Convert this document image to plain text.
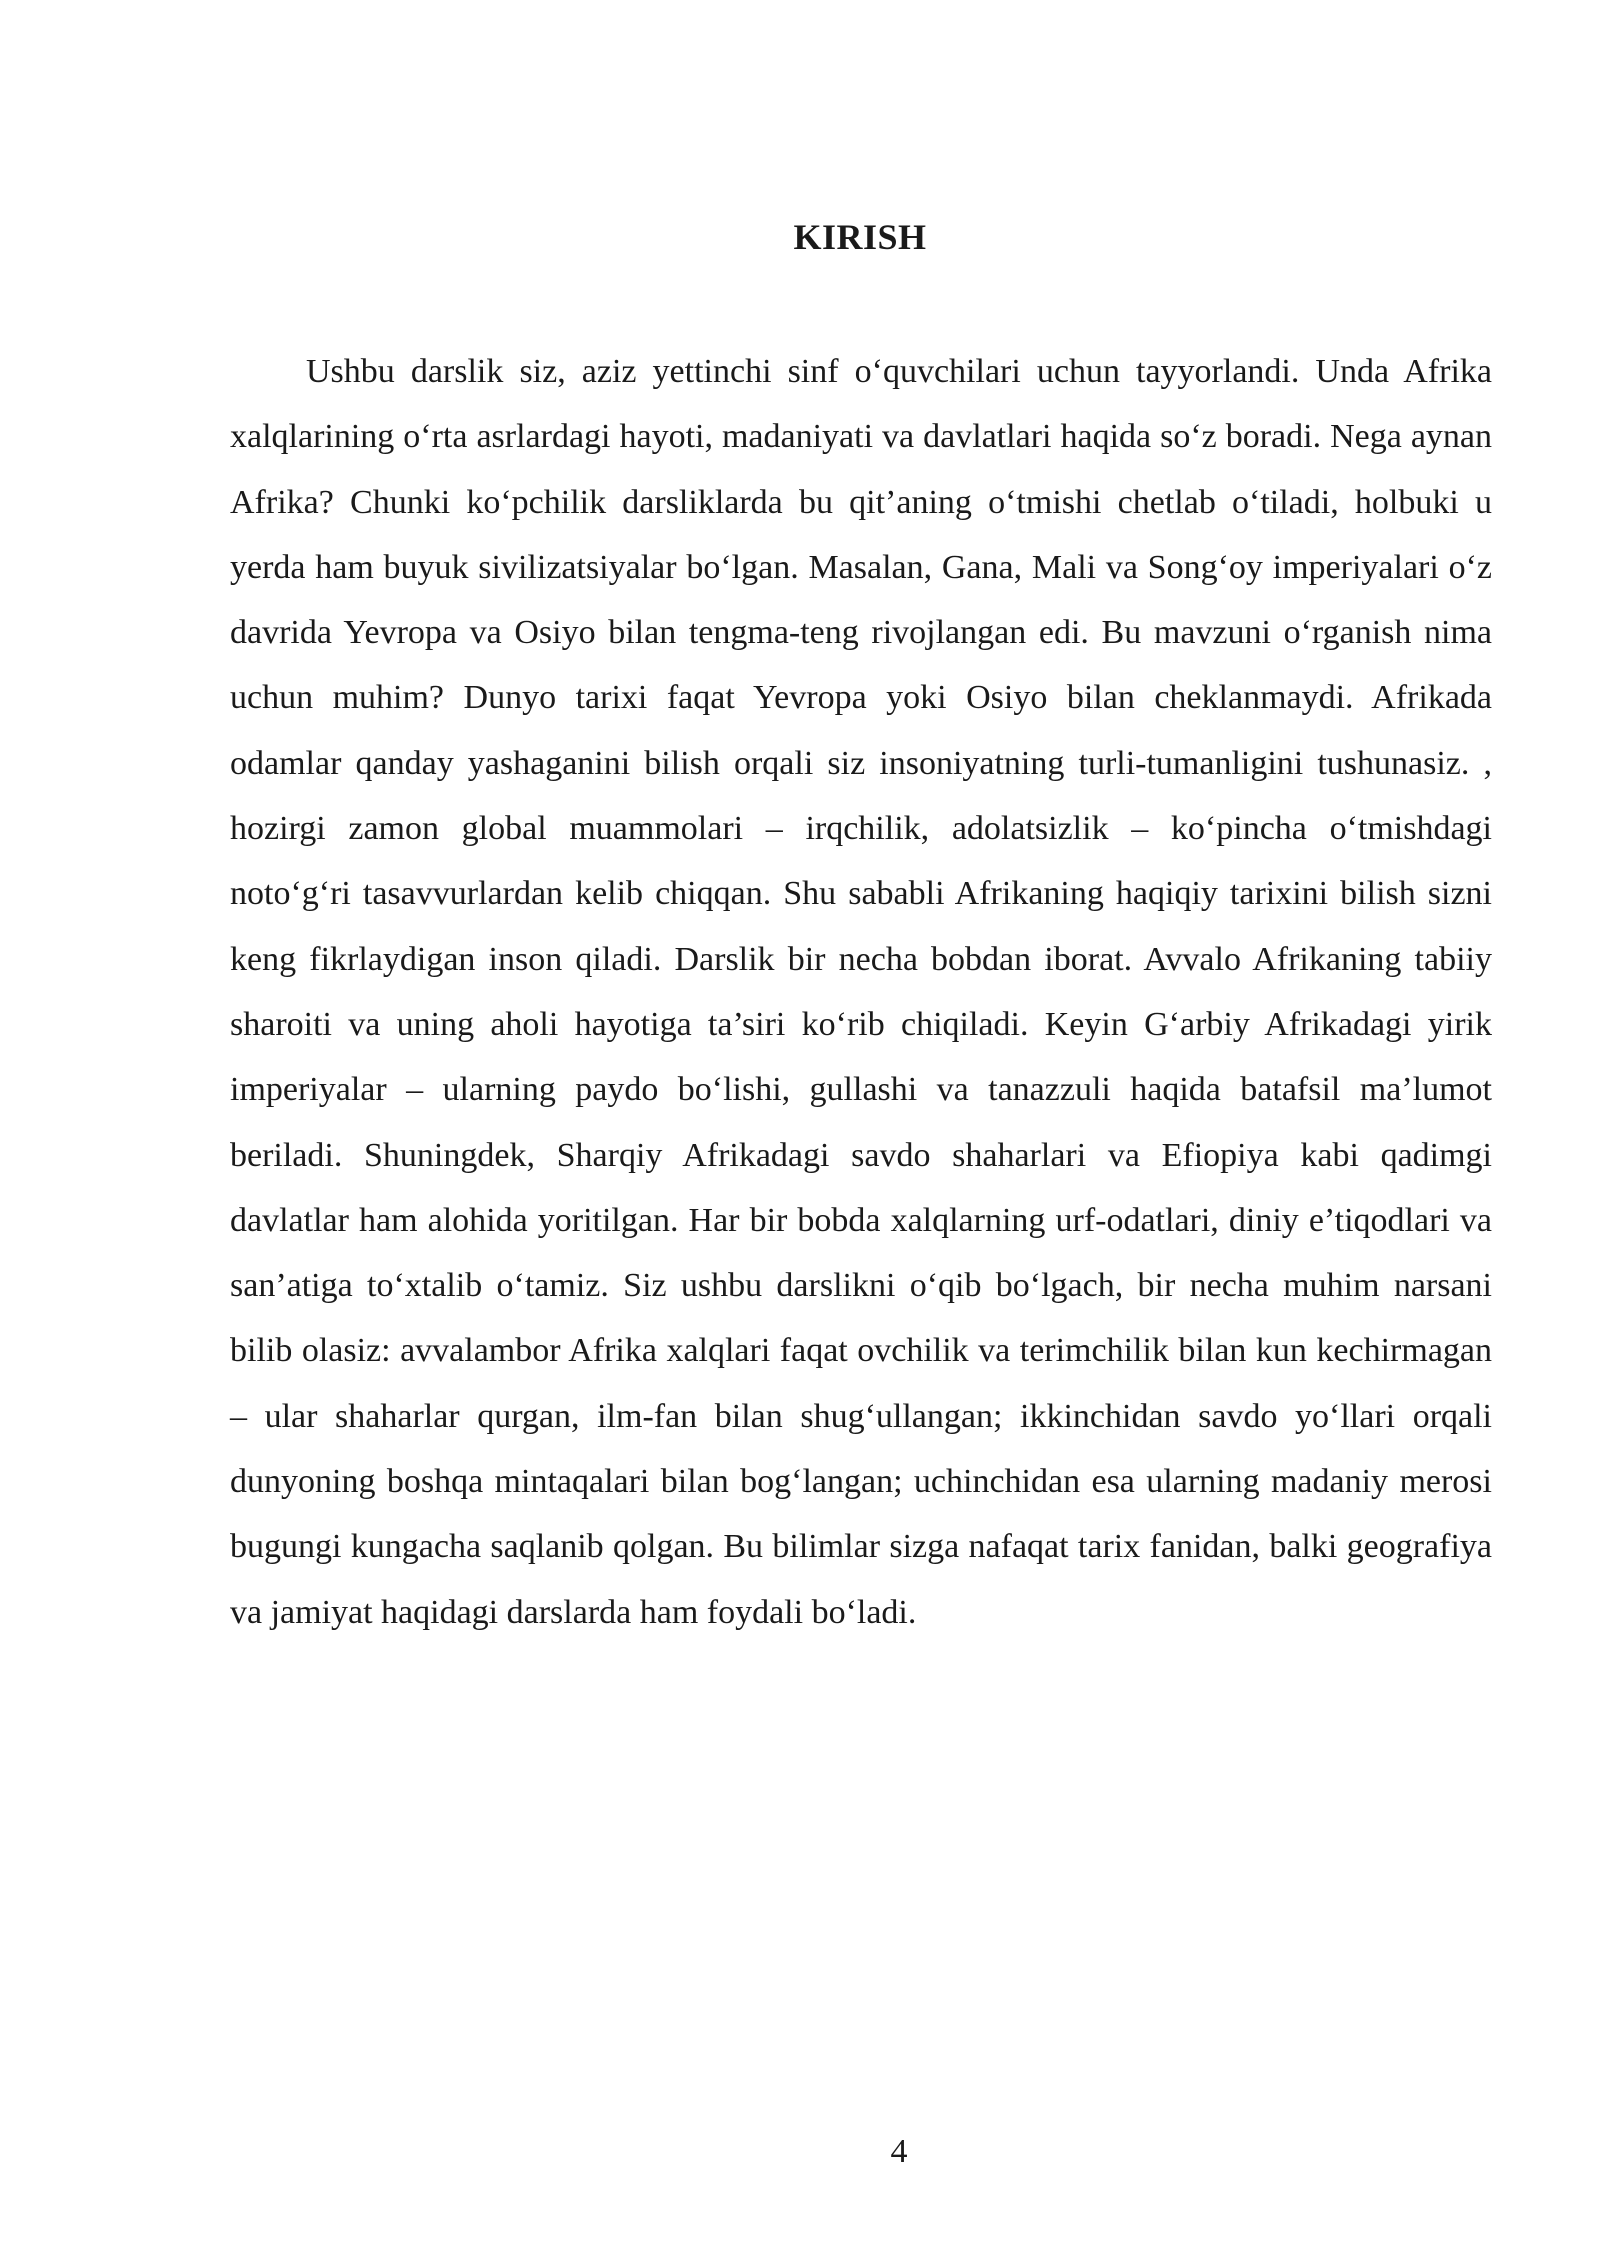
KIRISH

Ushbu darslik siz, aziz yettinchi sinf o‘quvchilari uchun tayyorlandi. Unda Afrika xalqlarining o‘rta asrlardagi hayoti, madaniyati va davlatlari haqida so‘z boradi. Nega aynan Afrika? Chunki ko‘pchilik darsliklarda bu qit’aning o‘tmishi chetlab o‘tiladi, holbuki u yerda ham buyuk sivilizatsiyalar bo‘lgan. Masalan, Gana, Mali va Song‘oy imperiyalari o‘z davrida Yevropa va Osiyo bilan tengma-teng rivojlangan edi. Bu mavzuni o‘rganish nima uchun muhim? Dunyo tarixi faqat Yevropa yoki Osiyo bilan cheklanmaydi. Afrikada odamlar qanday yashaganini bilish orqali siz insoniyatning turli-tumanligini tushunasiz. , hozirgi zamon global muammolari – irqchilik, adolatsizlik – ko‘pincha o‘tmishdagi noto‘g‘ri tasavvurlardan kelib chiqqan. Shu sababli Afrikaning haqiqiy tarixini bilish sizni keng fikrlaydigan inson qiladi. Darslik bir necha bobdan iborat. Avvalo Afrikaning tabiiy sharoiti va uning aholi hayotiga ta’siri ko‘rib chiqiladi. Keyin G‘arbiy Afrikadagi yirik imperiyalar – ularning paydo bo‘lishi, gullashi va tanazzuli haqida batafsil ma’lumot beriladi. Shuningdek, Sharqiy Afrikadagi savdo shaharlari va Efiopiya kabi qadimgi davlatlar ham alohida yoritilgan. Har bir bobda xalqlarning urf-odatlari, diniy e’tiqodlari va san’atiga to‘xtalib o‘tamiz. Siz ushbu darslikni o‘qib bo‘lgach, bir necha muhim narsani bilib olasiz: avvalambor Afrika xalqlari faqat ovchilik va terimchilik bilan kun kechirmagan – ular shaharlar qurgan, ilm-fan bilan shug‘ullangan; ikkinchidan savdo yo‘llari orqali dunyoning boshqa mintaqalari bilan bog‘langan; uchinchidan esa ularning madaniy merosi bugungi kungacha saqlanib qolgan. Bu bilimlar sizga nafaqat tarix fanidan, balki geografiya va jamiyat haqidagi darslarda ham foydali bo‘ladi.

4
